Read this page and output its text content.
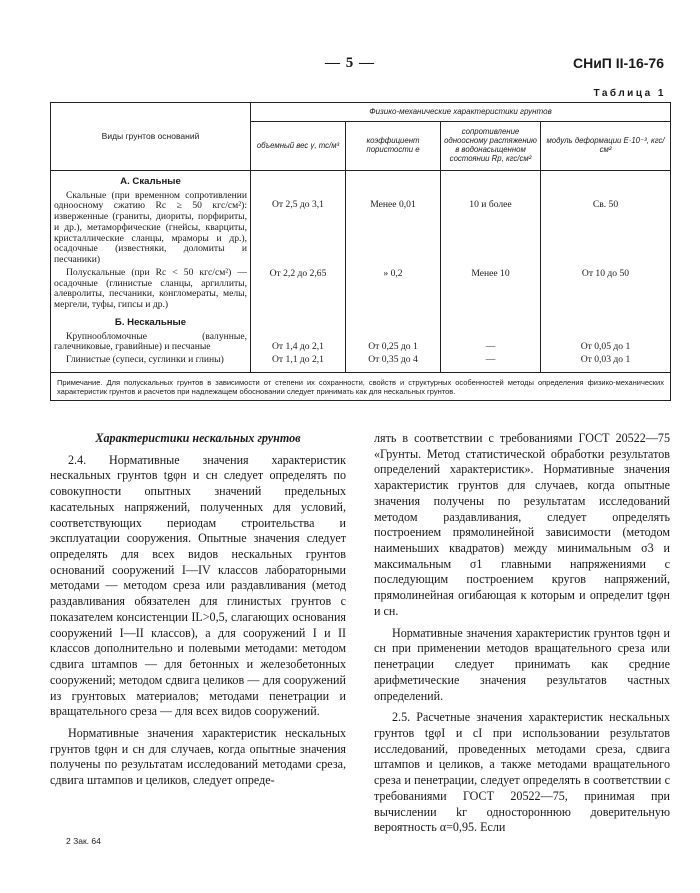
— 5 —	СНиП II-16-76
Таблица 1
Виды грунтов оснований	Физико-механические характеристики грунтов			
	объемный вес γ, тс/м³	коэффициент пористости е	сопротивление одноосному растяжению в водонасыщенном состоянии Rр, кгс/см²	модуль деформации Е·10⁻³, кгс/см²
А. Скальные				
Скальные (при временном сопротивлении одноосному сжатию Rс ≥ 50 кгс/см²): изверженные (граниты, диориты, порфириты, и др.), метаморфические (гнейсы, кварциты, кристаллические сланцы, мраморы и др.), осадочные (известняки, доломиты и песчаники)	От 2,5 до 3,1	Менее 0,01	10 и более	Св. 50
Полускальные (при Rс < 50 кгс/см²) — осадочные (глинистые сланцы, аргиллиты, алевролиты, песчаники, конгломераты, мелы, мергели, туфы, гипсы и др.)	От 2,2 до 2,65	» 0,2	Менее 10	От 10 до 50
Б. Нескальные				
Крупнообломочные (валунные, галечниковые, гравийные) и песчаные	От 1,4 до 2,1	От 0,25 до 1	—	От 0,05 до 1
Глинистые (супеси, суглинки и глины)	От 1,1 до 2,1	От 0,35 до 4	—	От 0,03 до 1
Примечание. Для полускальных грунтов в зависимости от степени их сохранности, свойств и структурных особенностей методы определения физико-механических характеристик грунтов и расчетов при надлежащем обосновании следует принимать как для нескальных грунтов.				
Характеристики нескальных грунтов

2.4. Нормативные значения характеристик нескальных грунтов tgφн и cн следует определять по совокупности опытных значений предельных касательных напряжений, полученных для условий, соответствующих периодам строительства и эксплуатации сооружения. Опытные значения следует определять для всех видов нескальных грунтов оснований сооружений I—IV классов лабораторными методами — методом среза или раздавливания (метод раздавливания обязателен для глинистых грунтов с показателем консистенции IL>0,5, слагающих основания сооружений I—II классов), а для сооружений I и II классов дополнительно и полевыми методами: методом сдвига штампов — для бетонных и железобетонных сооружений; методом сдвига целиков — для сооружений из грунтовых материалов; методами пенетрации и вращательного среза — для всех видов сооружений.

Нормативные значения характеристик нескальных грунтов tgφн и cн для случаев, когда опытные значения получены по результатам исследований методами среза, сдвига штампов и целиков, следует опреде-

лять в соответствии с требованиями ГОСТ 20522—75 «Грунты. Метод статистической обработки результатов определений характеристик». Нормативные значения характеристик грунтов для случаев, когда опытные значения получены по результатам исследований методом раздавливания, следует определять построением прямолинейной зависимости (методом наименьших квадратов) между минимальным σ3 и максимальным σ1 главными напряжениями с последующим построением кругов напряжений, прямолинейная огибающая к которым и определит tgφн и cн.

Нормативные значения характеристик грунтов tgφн и cн при применении методов вращательного среза или пенетрации следует принимать как средние арифметические значения результатов частных определений.

2.5. Расчетные значения характеристик нескальных грунтов tgφI и cI при использовании результатов исследований, проведенных методами среза, сдвига штампов и целиков, а также методами вращательного среза и пенетрации, следует определять в соответствии с требованиями ГОСТ 20522—75, принимая при вычислении kг одностороннюю доверительную вероятность α=0,95. Если

2 Зак. 64
